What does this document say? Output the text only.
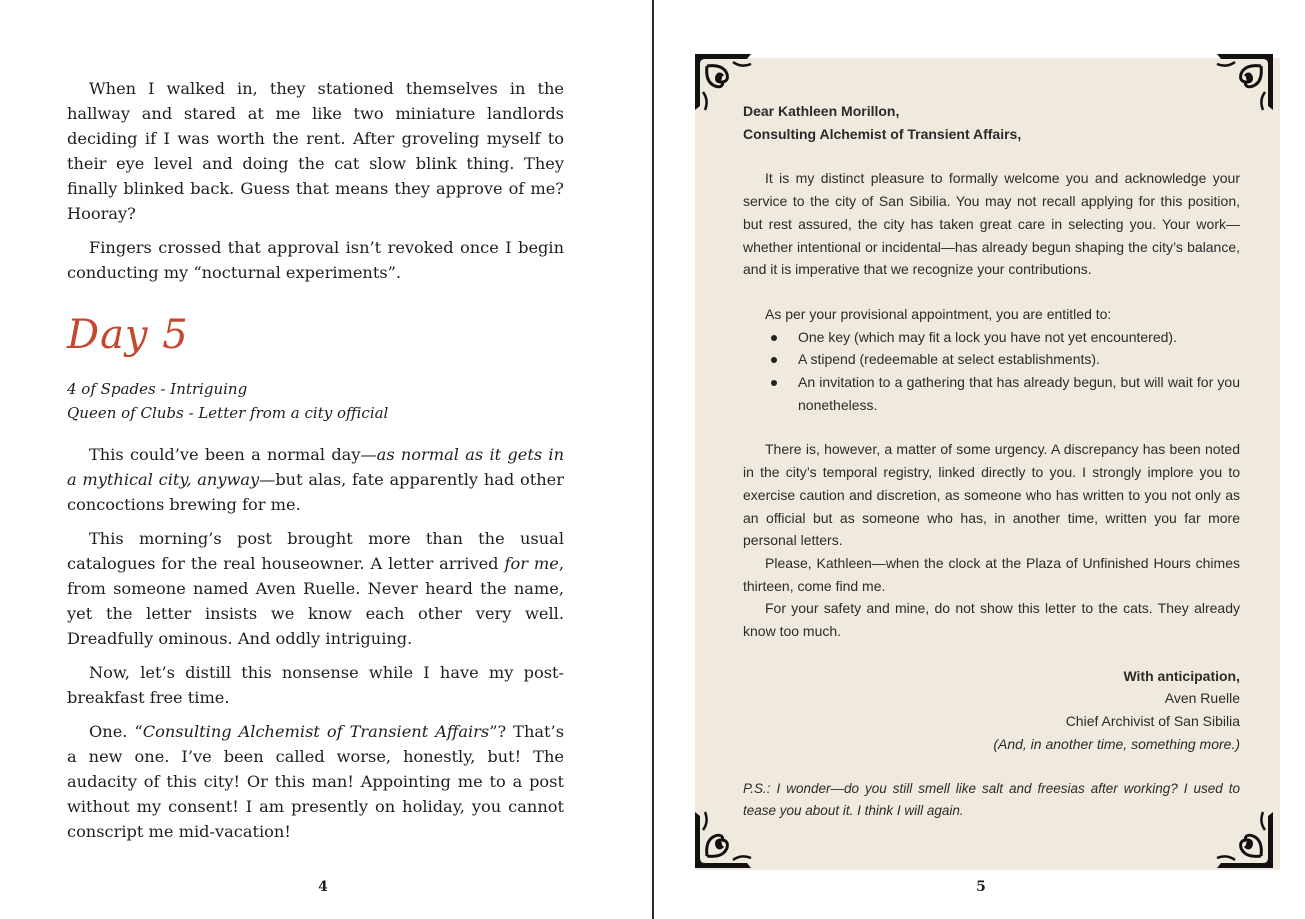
When I walked in, they stationed themselves in the hallway and stared at me like two miniature landlords deciding if I was worth the rent. After groveling myself to their eye level and doing the cat slow blink thing. They finally blinked back. Guess that means they approve of me? Hooray?

Fingers crossed that approval isn’t revoked once I begin conducting my “nocturnal experiments”.

Day 5
4 of Spades - Intriguing
Queen of Clubs - Letter from a city official

This could’ve been a normal day—as normal as it gets in a mythical city, anyway—but alas, fate apparently had other concoctions brewing for me.

This morning’s post brought more than the usual catalogues for the real houseowner. A letter arrived for me, from someone named Aven Ruelle. Never heard the name, yet the letter insists we know each other very well. Dreadfully ominous. And oddly intriguing.

Now, let’s distill this nonsense while I have my post-breakfast free time.

One. “Consulting Alchemist of Transient Affairs”? That’s a new one. I’ve been called worse, honestly, but! The audacity of this city! Or this man! Appointing me to a post without my consent! I am presently on holiday, you cannot conscript me mid-vacation!

4
Dear Kathleen Morillon,
Consulting Alchemist of Transient Affairs,

It is my distinct pleasure to formally welcome you and acknowledge your service to the city of San Sibilia. You may not recall applying for this position, but rest assured, the city has taken great care in selecting you. Your work—whether intentional or incidental—has already begun shaping the city’s balance, and it is imperative that we recognize your contributions.

As per your provisional appointment, you are entitled to:

One key (which may fit a lock you have not yet encountered).
A stipend (redeemable at select establishments).
An invitation to a gathering that has already begun, but will wait for you nonetheless.

There is, however, a matter of some urgency. A discrepancy has been noted in the city’s temporal registry, linked directly to you. I strongly implore you to exercise caution and discretion, as someone who has written to you not only as an official but as someone who has, in another time, written you far more personal letters.

Please, Kathleen—when the clock at the Plaza of Unfinished Hours chimes thirteen, come find me.

For your safety and mine, do not show this letter to the cats. They already know too much.

With anticipation,
Aven Ruelle
Chief Archivist of San Sibilia
(And, in another time, something more.)

P.S.: I wonder—do you still smell like salt and freesias after working? I used to tease you about it. I think I will again.

5
